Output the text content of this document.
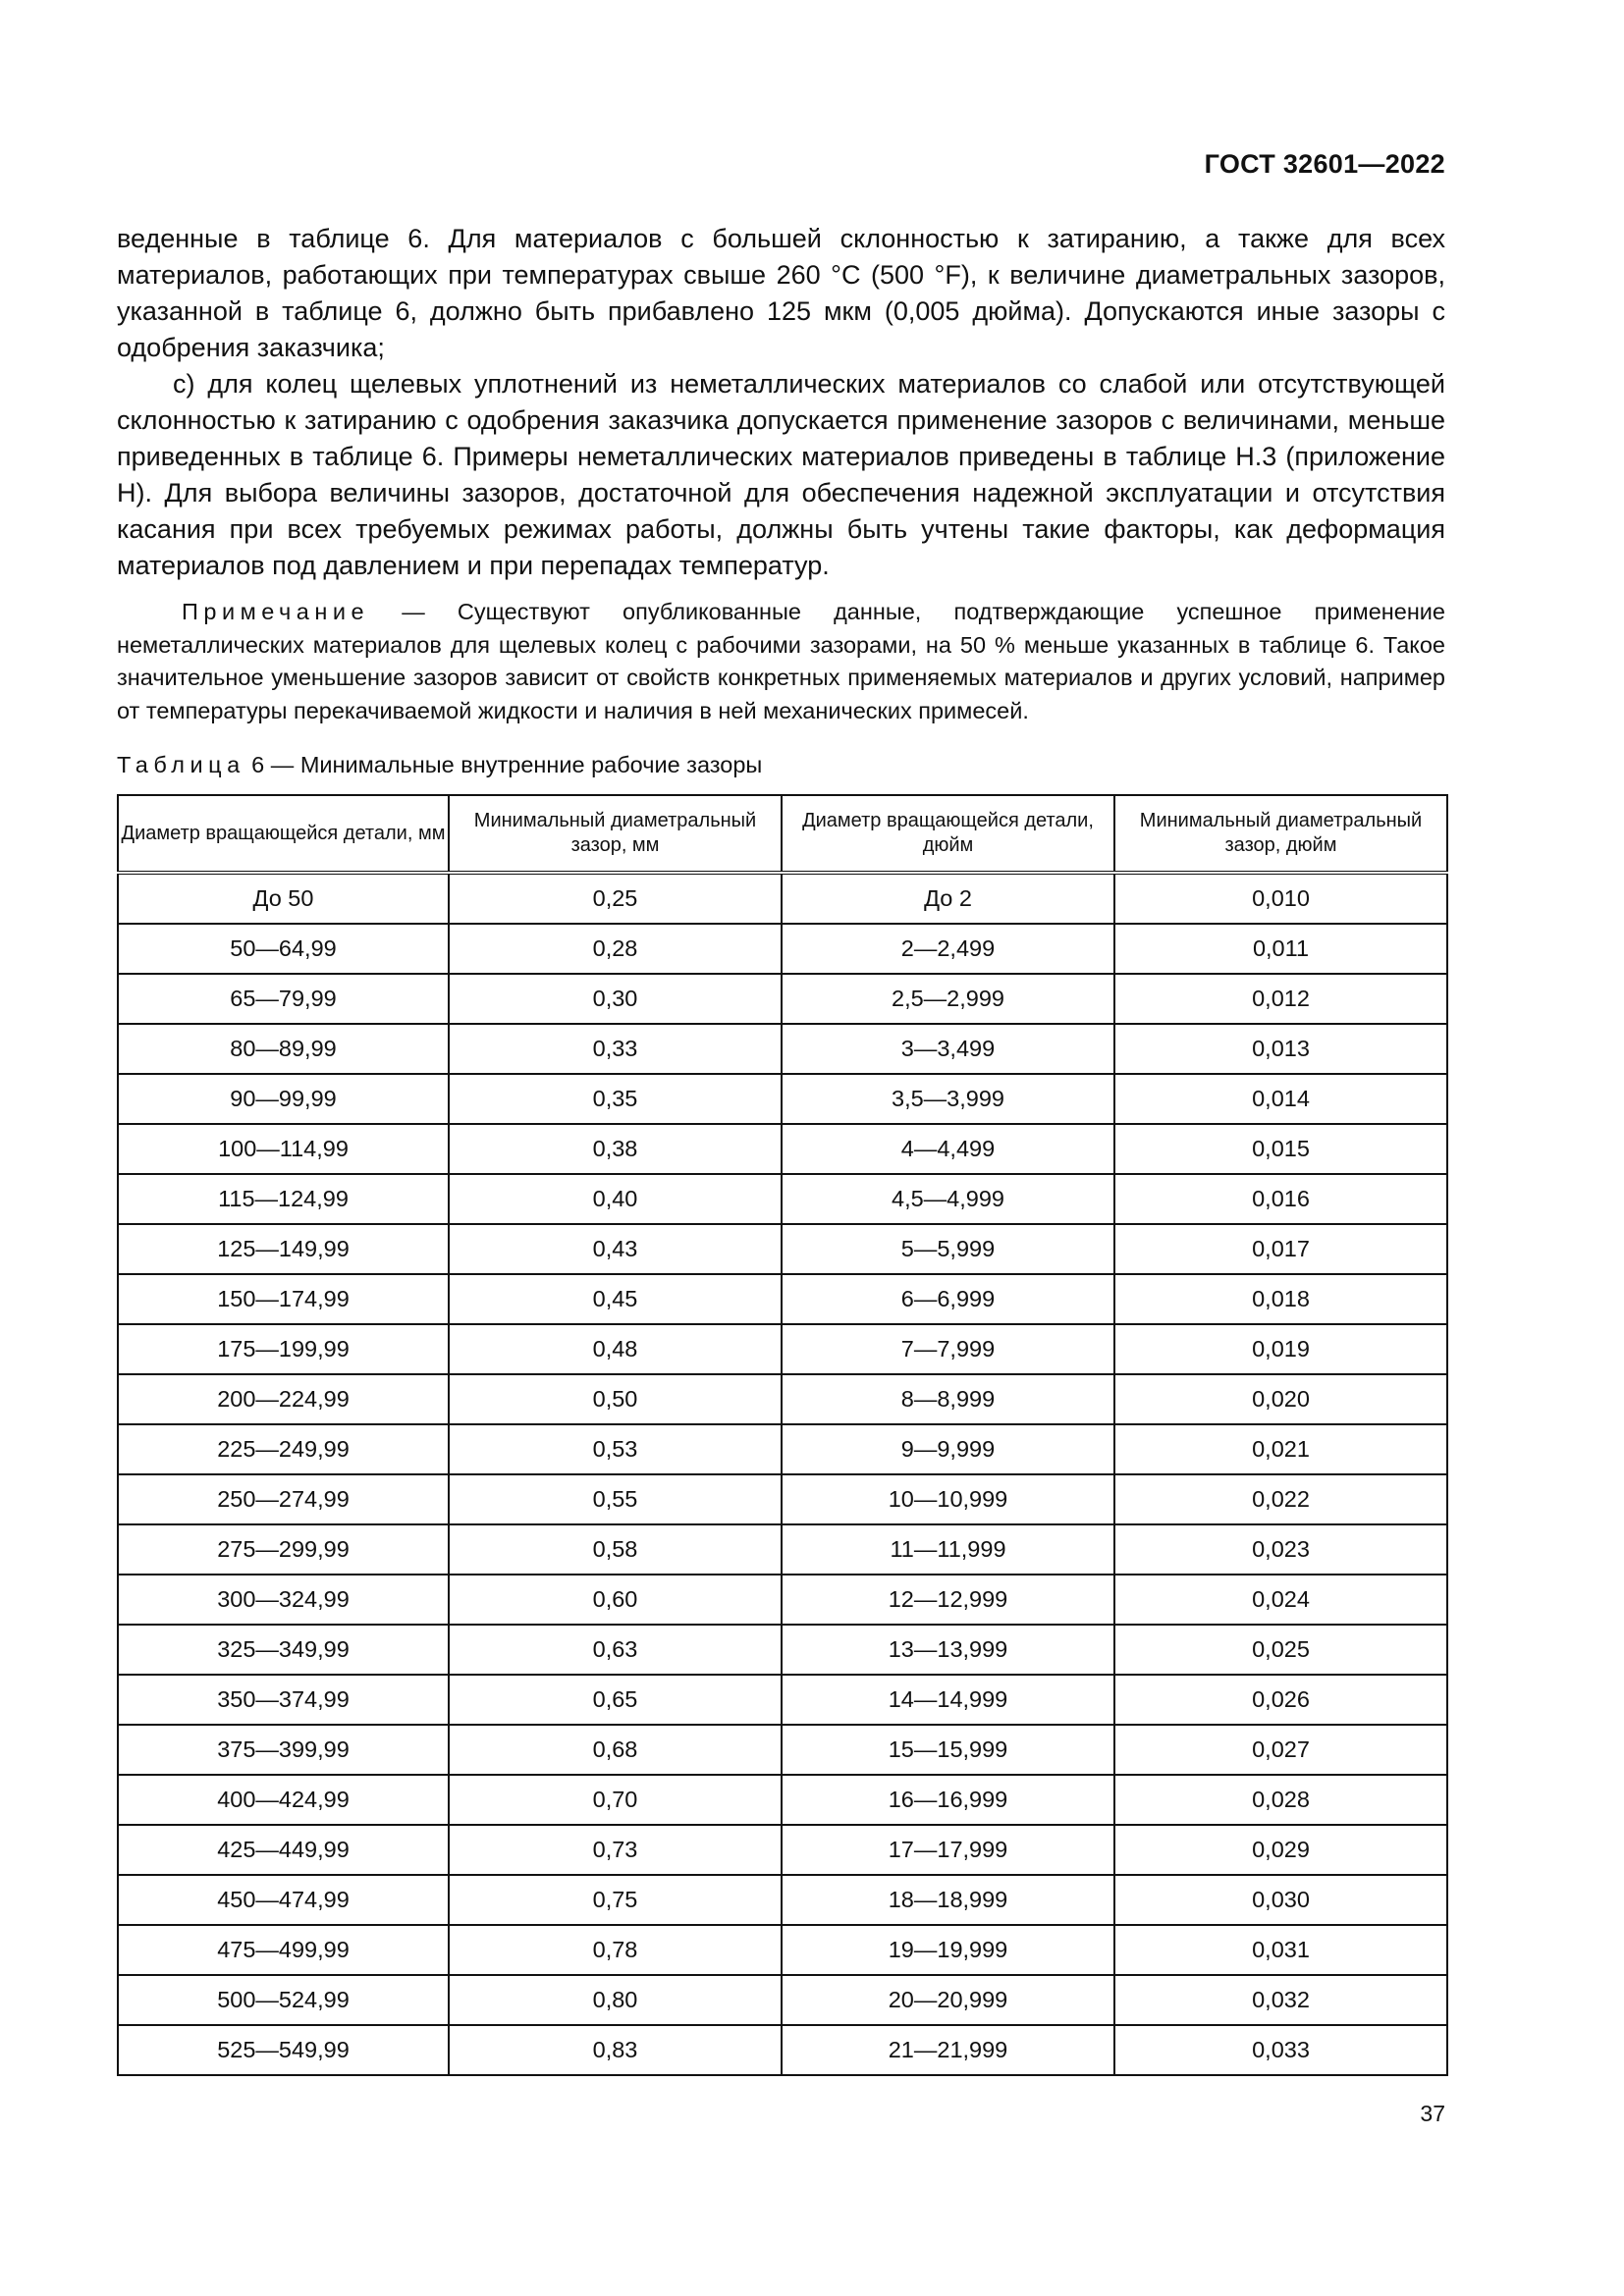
ГОСТ 32601—2022

веденные в таблице 6. Для материалов с большей склонностью к затиранию, а также для всех материалов, работающих при температурах свыше 260 °C (500 °F), к величине диаметральных зазоров, указанной в таблице 6, должно быть прибавлено 125 мкм (0,005 дюйма). Допускаются иные зазоры с одобрения заказчика;

c) для колец щелевых уплотнений из неметаллических материалов со слабой или отсутствующей склонностью к затиранию с одобрения заказчика допускается применение зазоров с величинами, меньше приведенных в таблице 6. Примеры неметаллических материалов приведены в таблице Н.3 (приложение Н). Для выбора величины зазоров, достаточной для обеспечения надежной эксплуатации и отсутствия касания при всех требуемых режимах работы, должны быть учтены такие факторы, как деформация материалов под давлением и при перепадах температур.

Примечание — Существуют опубликованные данные, подтверждающие успешное применение неметаллических материалов для щелевых колец с рабочими зазорами, на 50 % меньше указанных в таблице 6. Такое значительное уменьшение зазоров зависит от свойств конкретных применяемых материалов и других условий, например от температуры перекачиваемой жидкости и наличия в ней механических примесей.
Таблица 6 — Минимальные внутренние рабочие зазоры
Диаметр вращающейся детали, мм	Минимальный диаметральный зазор, мм	Диаметр вращающейся детали, дюйм	Минимальный диаметральный зазор, дюйм
До 50	0,25	До 2	0,010
50—64,99	0,28	2—2,499	0,011
65—79,99	0,30	2,5—2,999	0,012
80—89,99	0,33	3—3,499	0,013
90—99,99	0,35	3,5—3,999	0,014
100—114,99	0,38	4—4,499	0,015
115—124,99	0,40	4,5—4,999	0,016
125—149,99	0,43	5—5,999	0,017
150—174,99	0,45	6—6,999	0,018
175—199,99	0,48	7—7,999	0,019
200—224,99	0,50	8—8,999	0,020
225—249,99	0,53	9—9,999	0,021
250—274,99	0,55	10—10,999	0,022
275—299,99	0,58	11—11,999	0,023
300—324,99	0,60	12—12,999	0,024
325—349,99	0,63	13—13,999	0,025
350—374,99	0,65	14—14,999	0,026
375—399,99	0,68	15—15,999	0,027
400—424,99	0,70	16—16,999	0,028
425—449,99	0,73	17—17,999	0,029
450—474,99	0,75	18—18,999	0,030
475—499,99	0,78	19—19,999	0,031
500—524,99	0,80	20—20,999	0,032
525—549,99	0,83	21—21,999	0,033
37
